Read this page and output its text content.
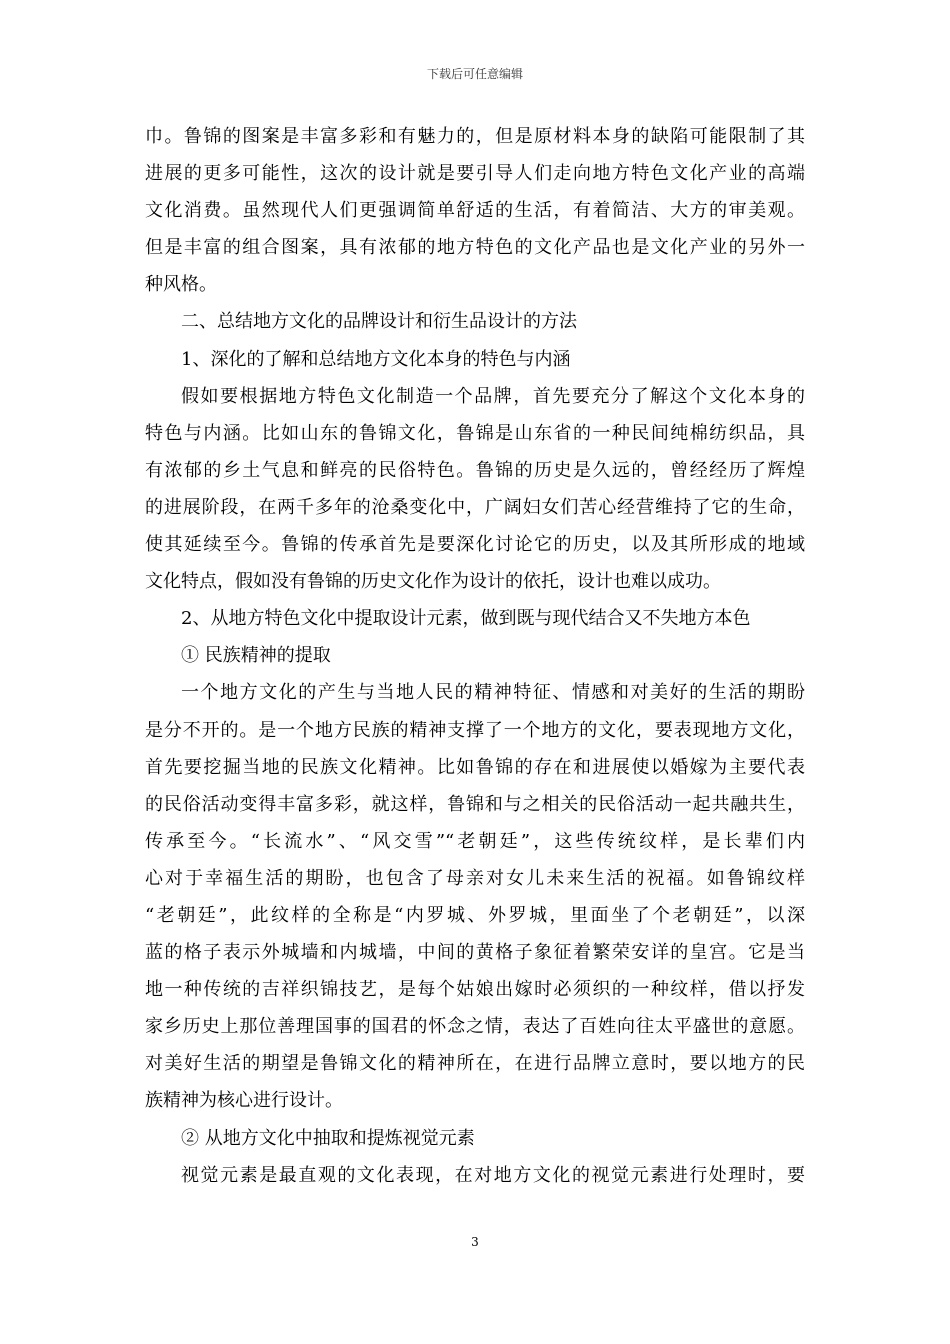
下载后可任意编辑
巾。鲁锦的图案是丰富多彩和有魅力的，但是原材料本身的缺陷可能限制了其
进展的更多可能性，这次的设计就是要引导人们走向地方特色文化产业的高端
文化消费。虽然现代人们更强调简单舒适的生活，有着简洁、大方的审美观。
但是丰富的组合图案，具有浓郁的地方特色的文化产品也是文化产业的另外一
种风格。
二、总结地方文化的品牌设计和衍生品设计的方法
1、深化的了解和总结地方文化本身的特色与内涵
假如要根据地方特色文化制造一个品牌，首先要充分了解这个文化本身的
特色与内涵。比如山东的鲁锦文化，鲁锦是山东省的一种民间纯棉纺织品，具
有浓郁的乡土气息和鲜亮的民俗特色。鲁锦的历史是久远的，曾经经历了辉煌
的进展阶段，在两千多年的沧桑变化中，广阔妇女们苦心经营维持了它的生命，
使其延续至今。鲁锦的传承首先是要深化讨论它的历史，以及其所形成的地域
文化特点，假如没有鲁锦的历史文化作为设计的依托，设计也难以成功。
2、从地方特色文化中提取设计元素，做到既与现代结合又不失地方本色
① 民族精神的提取
一个地方文化的产生与当地人民的精神特征、情感和对美好的生活的期盼
是分不开的。是一个地方民族的精神支撑了一个地方的文化，要表现地方文化，
首先要挖掘当地的民族文化精神。比如鲁锦的存在和进展使以婚嫁为主要代表
的民俗活动变得丰富多彩，就这样，鲁锦和与之相关的民俗活动一起共融共生，
传承至今。“长流水”、“风交雪”“老朝廷”，这些传统纹样，是长辈们内
心对于幸福生活的期盼，也包含了母亲对女儿未来生活的祝福。如鲁锦纹样
“老朝廷”，此纹样的全称是“内罗城、外罗城，里面坐了个老朝廷”，以深
蓝的格子表示外城墙和内城墙，中间的黄格子象征着繁荣安详的皇宫。它是当
地一种传统的吉祥织锦技艺，是每个姑娘出嫁时必须织的一种纹样，借以抒发
家乡历史上那位善理国事的国君的怀念之情，表达了百姓向往太平盛世的意愿。
对美好生活的期望是鲁锦文化的精神所在，在进行品牌立意时，要以地方的民
族精神为核心进行设计。
② 从地方文化中抽取和提炼视觉元素
视觉元素是最直观的文化表现，在对地方文化的视觉元素进行处理时，要
3
